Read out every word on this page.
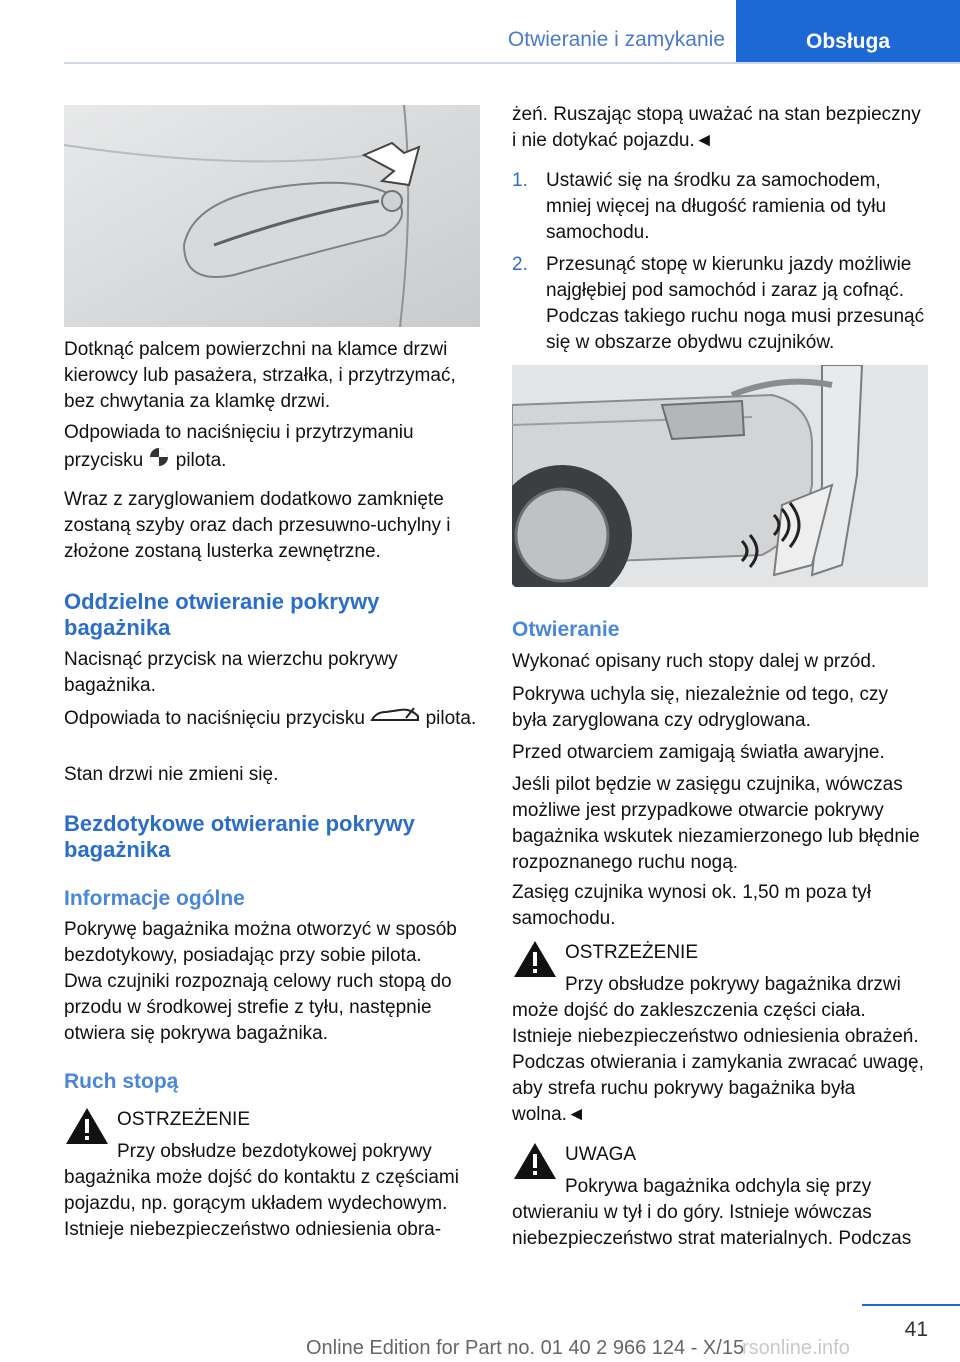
Otwieranie i zamykanie	Obsługa

Dotknąć palcem powierzchni na klamce drzwi kierowcy lub pasażera, strzałka, i przytrzymać, bez chwytania za klamkę drzwi.

Odpowiada to naciśnięciu i przytrzymaniu przycisku pilota.

Wraz z zaryglowaniem dodatkowo zamknięte zostaną szyby oraz dach przesuwno-uchylny i złożone zostaną lusterka zewnętrzne.

Oddzielne otwieranie pokrywy bagażnika

Nacisnąć przycisk na wierzchu pokrywy bagażnika.

Odpowiada to naciśnięciu przycisku	pilota.

Stan drzwi nie zmieni się.

Bezdotykowe otwieranie pokrywy bagażnika
Informacje ogólne

Pokrywę bagażnika można otworzyć w sposób bezdotykowy, posiadając przy sobie pilota.

Dwa czujniki rozpoznają celowy ruch stopą do przodu w środkowej strefie z tyłu, następnie otwiera się pokrywa bagażnika.

Ruch stopą
OSTRZEŻENIE

Przy obsłudze bezdotykowej pokrywy bagażnika może dojść do kontaktu z częściami pojazdu, np. gorącym układem wydechowym. Istnieje niebezpieczeństwo odniesienia obra-

żeń. Ruszając stopą uważać na stan bezpieczny i nie dotykać pojazdu.◄

1. Ustawić się na środku za samochodem, mniej więcej na długość ramienia od tyłu samochodu.

2. Przesunąć stopę w kierunku jazdy możliwie najgłębiej pod samochód i zaraz ją cofnąć. Podczas takiego ruchu noga musi przesunąć się w obszarze obydwu czujników.

Otwieranie

Wykonać opisany ruch stopy dalej w przód.

Pokrywa uchyla się, niezależnie od tego, czy była zaryglowana czy odryglowana.

Przed otwarciem zamigają światła awaryjne.

Jeśli pilot będzie w zasięgu czujnika, wówczas możliwe jest przypadkowe otwarcie pokrywy bagażnika wskutek niezamierzonego lub błędnie rozpoznanego ruchu nogą.

Zasięg czujnika wynosi ok. 1,50 m poza tył samochodu.

OSTRZEŻENIE

Przy obsłudze pokrywy bagażnika drzwi może dojść do zakleszczenia części ciała. Istnieje niebezpieczeństwo odniesienia obrażeń. Podczas otwierania i zamykania zwracać uwagę, aby strefa ruchu pokrywy bagażnika była wolna.◄

UWAGA

Pokrywa bagażnika odchyla się przy otwieraniu w tył i do góry. Istnieje wówczas niebezpieczeństwo strat materialnych. Podczas

41
Online Edition for Part no. 01 40 2 966 124 - X/15
rsonline.info
